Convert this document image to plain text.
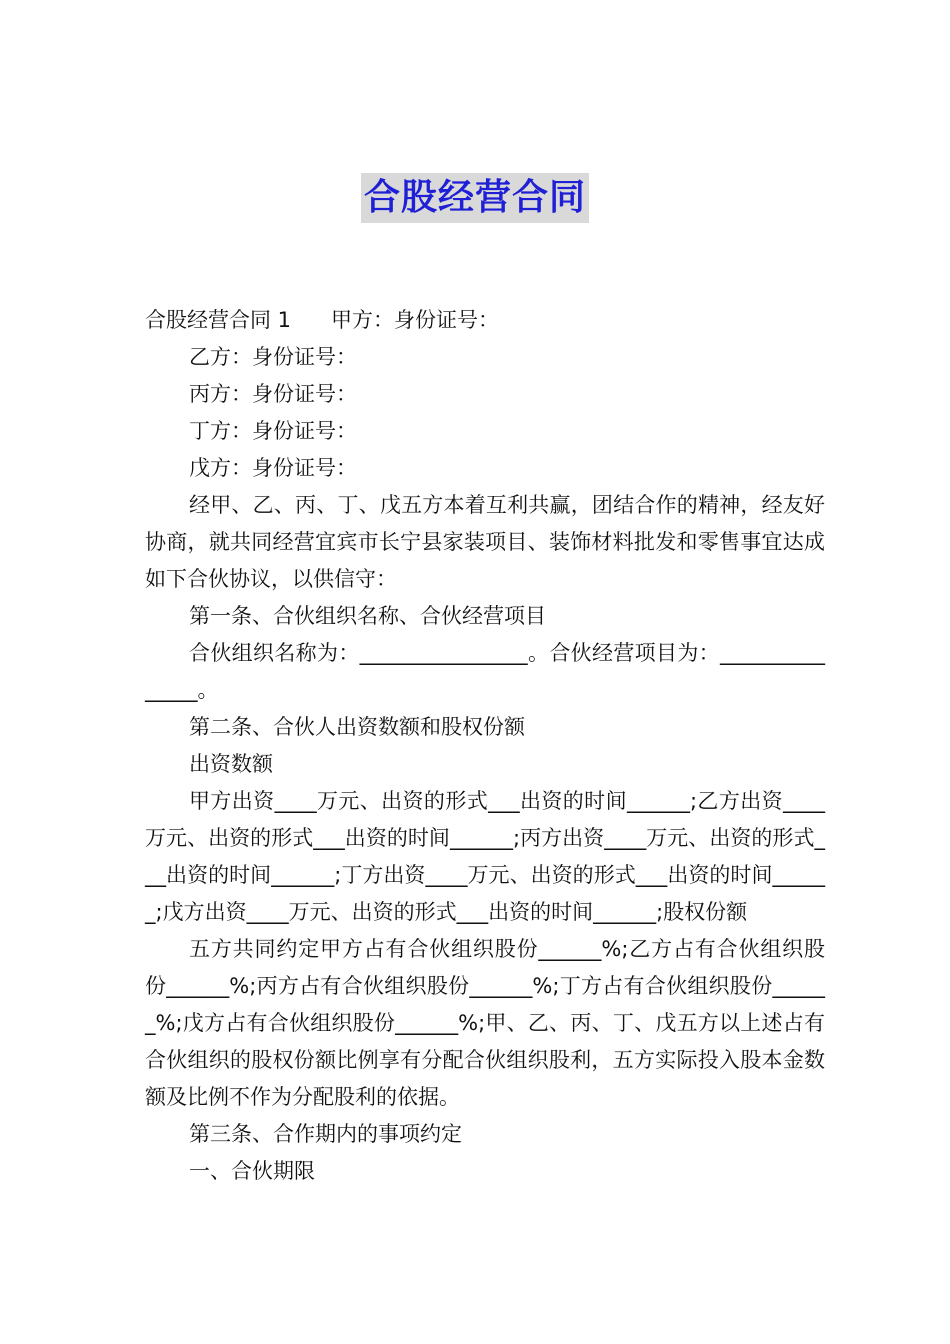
合股经营合同

合股经营合同 1 甲方：身份证号：

乙方：身份证号：

丙方：身份证号：

丁方：身份证号：

戊方：身份证号：

经甲、乙、丙、丁、戊五方本着互利共赢，团结合作的精神，经友好协商，就共同经营宜宾市长宁县家装项目、装饰材料批发和零售事宜达成如下合伙协议，以供信守：

第一条、合伙组织名称、合伙经营项目

合伙组织名称为：________________。合伙经营项目为：_______________。

第二条、合伙人出资数额和股权份额

出资数额

甲方出资____万元、出资的形式___出资的时间______;乙方出资____万元、出资的形式___出资的时间______;丙方出资____万元、出资的形式___出资的时间______;丁方出资____万元、出资的形式___出资的时间______;戊方出资____万元、出资的形式___出资的时间______;股权份额

五方共同约定甲方占有合伙组织股份______%;乙方占有合伙组织股份______%;丙方占有合伙组织股份______%;丁方占有合伙组织股份______%;戊方占有合伙组织股份______%;甲、乙、丙、丁、戊五方以上述占有合伙组织的股权份额比例享有分配合伙组织股利，五方实际投入股本金数额及比例不作为分配股利的依据。

第三条、合作期内的事项约定

一、合伙期限
